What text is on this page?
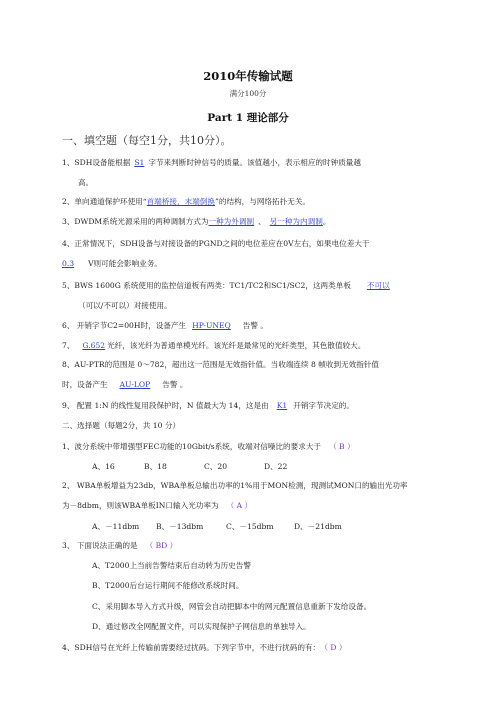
2010年传输试题
满分100分
Part 1 理论部分
一、填空题（每空1分，共10分）。
1、SDH设备能根据 S1 字节来判断时钟信号的质量。该值越小，表示相应的时钟质量越
高。
2、单向通道保护环使用“首端桥接，末端倒换”的结构，与网络拓扑无关。
3、DWDM系统光源采用的两种调制方式为一种为外调制 、 另一种为内调制。
4、正常情况下，SDH设备与对接设备的PGND之间的电位差应在0V左右，如果电位差大于
0.3 V则可能会影响业务。
5、BWS 1600G 系统使用的监控信道板有两类：TC1/TC2和SC1/SC2，这两类单板 不可以
（可以/不可以）对接使用。
6、 开销字节C2=00H时，设备产生 HP-UNEQ 告警 。
7、 G.652 光纤，该光纤为普通单模光纤。该光纤是最常见的光纤类型，其色散值较大。
8、AU-PTR的范围是 0～782，超出这一范围是无效指针值。当收端连续 8 帧收到无效指针值
时，设备产生 AU-LOP 告警 。
9、 配置 1:N 的线性复用段保护时，N 值最大为 14，这是由 K1 开销字节决定的。
二、选择题（每题2分，共 10 分）
1、波分系统中带增强型FEC功能的10Gbit/s系统，收端对信噪比的要求大于 （ B ）
A、16	B、18	C、20	D、22
2、 WBA单板增益为23db，WBA单板总输出功率的1%用于MON检测，现测试MON口的输出光功率
为－8dbm，则该WBA单板IN口输入光功率为 （ A ）
A、－11dbm B、－13dbm	C、－15dbm	D、－21dbm
3、 下面说法正确的是 （ BD ）
A、T2000上当前告警结束后自动转为历史告警
B、T2000后台运行期间不能修改系统时间。
C、采用脚本导入方式升级，网管会自动把脚本中的网元配置信息重新下发给设备。
D、通过修改全网配置文件，可以实现保护子网信息的单独导入。
4、SDH信号在光纤上传输前需要经过扰码。下列字节中，不进行扰码的有： （ D ）
